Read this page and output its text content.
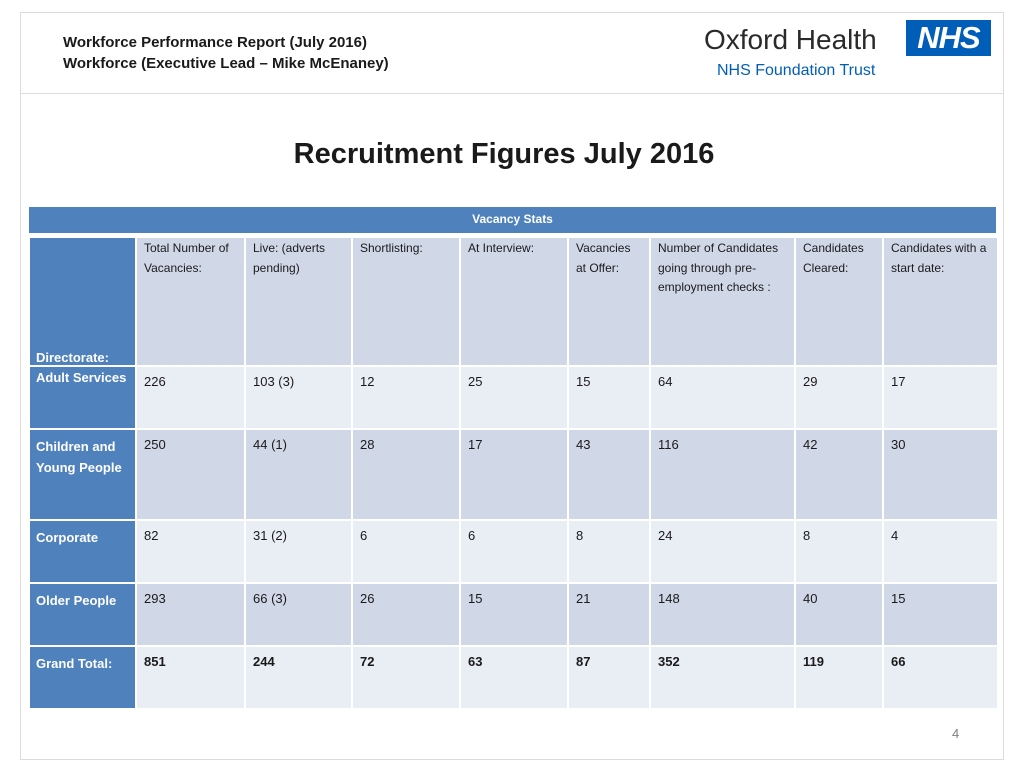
Workforce Performance Report (July 2016)
Workforce (Executive Lead – Mike McEnaney)
Oxford Health
NHS Foundation Trust
NHS
Recruitment Figures July 2016
Vacancy Stats
Directorate:	Total Number of Vacancies:	Live: (adverts pending)	Shortlisting:	At Interview:	Vacancies at Offer:	Number of Candidates going through pre-employment checks :	Candidates Cleared:	Candidates with a start date:
Adult Services	226	103 (3)	12	25	15	64	29	17
Children and Young People	250	44 (1)	28	17	43	116	42	30
Corporate	82	31 (2)	6	6	8	24	8	4
Older People	293	66 (3)	26	15	21	148	40	15
Grand Total:	851	244	72	63	87	352	119	66
4
